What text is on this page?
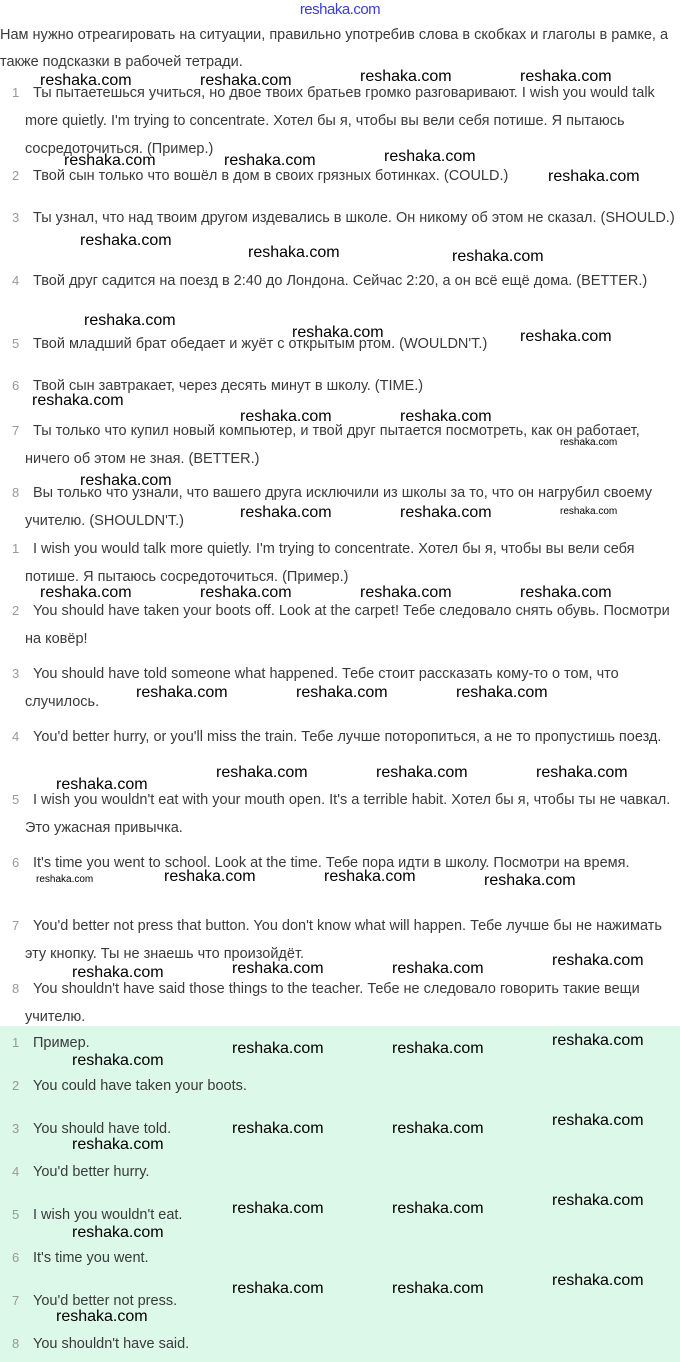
reshaka.com
Нам нужно отреагировать на ситуации, правильно употребив слова в скобках и глаголы в рамке, а также подсказки в рабочей тетради.
1 Ты пытаетешься учиться, но двое твоих братьев громко разговаривают. I wish you would talk more quietly. I'm trying to concentrate. Хотел бы я, чтобы вы вели себя потише. Я пытаюсь сосредоточиться. (Пример.)
2 Твой сын только что вошёл в дом в своих грязных ботинках. (COULD.)
3 Ты узнал, что над твоим другом издевались в школе. Он никому об этом не сказал. (SHOULD.)
4 Твой друг садится на поезд в 2:40 до Лондона. Сейчас 2:20, а он всё ещё дома. (BETTER.)
5 Твой младший брат обедает и жуёт с открытым ртом. (WOULDN'T.)
6 Твой сын завтракает, через десять минут в школу. (TIME.)
7 Ты только что купил новый компьютер, и твой друг пытается посмотреть, как он работает, ничего об этом не зная. (BETTER.)
8 Вы только что узнали, что вашего друга исключили из школы за то, что он нагрубил своему учителю. (SHOULDN'T.)
1 I wish you would talk more quietly. I'm trying to concentrate. Хотел бы я, чтобы вы вели себя потише. Я пытаюсь сосредоточиться. (Пример.)
2 You should have taken your boots off. Look at the carpet! Тебе следовало снять обувь. Посмотри на ковёр!
3 You should have told someone what happened. Тебе стоит рассказать кому-то о том, что случилось.
4 You'd better hurry, or you'll miss the train. Тебе лучше поторопиться, а не то пропустишь поезд.
5 I wish you wouldn't eat with your mouth open. It's a terrible habit. Хотел бы я, чтобы ты не чавкал. Это ужасная привычка.
6 It's time you went to school. Look at the time. Тебе пора идти в школу. Посмотри на время.
7 You'd better not press that button. You don't know what will happen. Тебе лучше бы не нажимать эту кнопку. Ты не знаешь что произойдёт.
8 You shouldn't have said those things to the teacher. Тебе не следовало говорить такие вещи учителю.
1 Пример.
2 You could have taken your boots.
3 You should have told.
4 You'd better hurry.
5 I wish you wouldn't eat.
6 It's time you went.
7 You'd better not press.
8 You shouldn't have said.
reshaka.com	reshaka.com	reshaka.com	reshaka.com
reshaka.com	reshaka.com	reshaka.com
reshaka.com
reshaka.com
reshaka.com	reshaka.com
reshaka.com
reshaka.com	reshaka.com
reshaka.com
reshaka.com	reshaka.com
reshaka.com
reshaka.com
reshaka.com	reshaka.com	reshaka.com
reshaka.com	reshaka.com	reshaka.com	reshaka.com
reshaka.com	reshaka.com	reshaka.com
reshaka.com
reshaka.com	reshaka.com	reshaka.com
reshaka.com	reshaka.com	reshaka.com	reshaka.com
reshaka.com	reshaka.com	reshaka.com	reshaka.com
reshaka.com
reshaka.com	reshaka.com	reshaka.com
reshaka.com
reshaka.com	reshaka.com	reshaka.com
reshaka.com
reshaka.com	reshaka.com	reshaka.com
reshaka.com
reshaka.com	reshaka.com	reshaka.com
